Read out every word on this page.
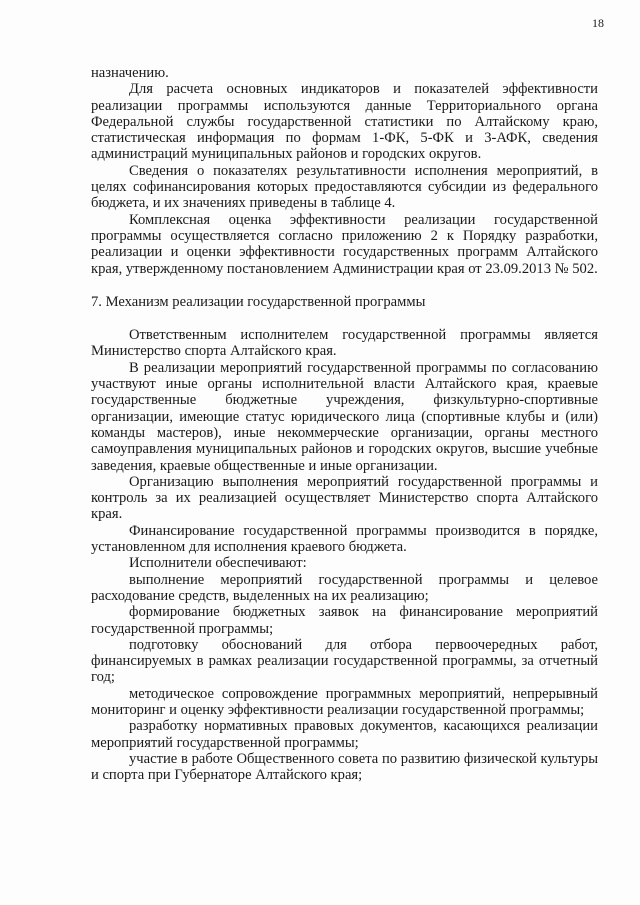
18

назначению.

Для расчета основных индикаторов и показателей эффективности реализации программы используются данные Территориального органа Федеральной службы государственной статистики по Алтайскому краю, статистическая информация по формам 1-ФК, 5-ФК и 3-АФК, сведения администраций муниципальных районов и городских округов.

Сведения о показателях результативности исполнения мероприятий, в целях софинансирования которых предоставляются субсидии из федерального бюджета, и их значениях приведены в таблице 4.

Комплексная оценка эффективности реализации государственной программы осуществляется согласно приложению 2 к Порядку разработки, реализации и оценки эффективности государственных программ Алтайского края, утвержденному постановлением Администрации края от 23.09.2013 № 502.

7. Механизм реализации государственной программы

Ответственным исполнителем государственной программы является Министерство спорта Алтайского края.

В реализации мероприятий государственной программы по согласованию участвуют иные органы исполнительной власти Алтайского края, краевые государственные бюджетные учреждения, физкультурно-спортивные организации, имеющие статус юридического лица (спортивные клубы и (или) команды мастеров), иные некоммерческие организации, органы местного самоуправления муниципальных районов и городских округов, высшие учебные заведения, краевые общественные и иные организации.

Организацию выполнения мероприятий государственной программы и контроль за их реализацией осуществляет Министерство спорта Алтайского края.

Финансирование государственной программы производится в порядке, установленном для исполнения краевого бюджета.

Исполнители обеспечивают:

выполнение мероприятий государственной программы и целевое расходование средств, выделенных на их реализацию;

формирование бюджетных заявок на финансирование мероприятий государственной программы;

подготовку обоснований для отбора первоочередных работ, финансируемых в рамках реализации государственной программы, за отчетный год;

методическое сопровождение программных мероприятий, непрерывный мониторинг и оценку эффективности реализации государственной программы;

разработку нормативных правовых документов, касающихся реализации мероприятий государственной программы;

участие в работе Общественного совета по развитию физической культуры и спорта при Губернаторе Алтайского края;
